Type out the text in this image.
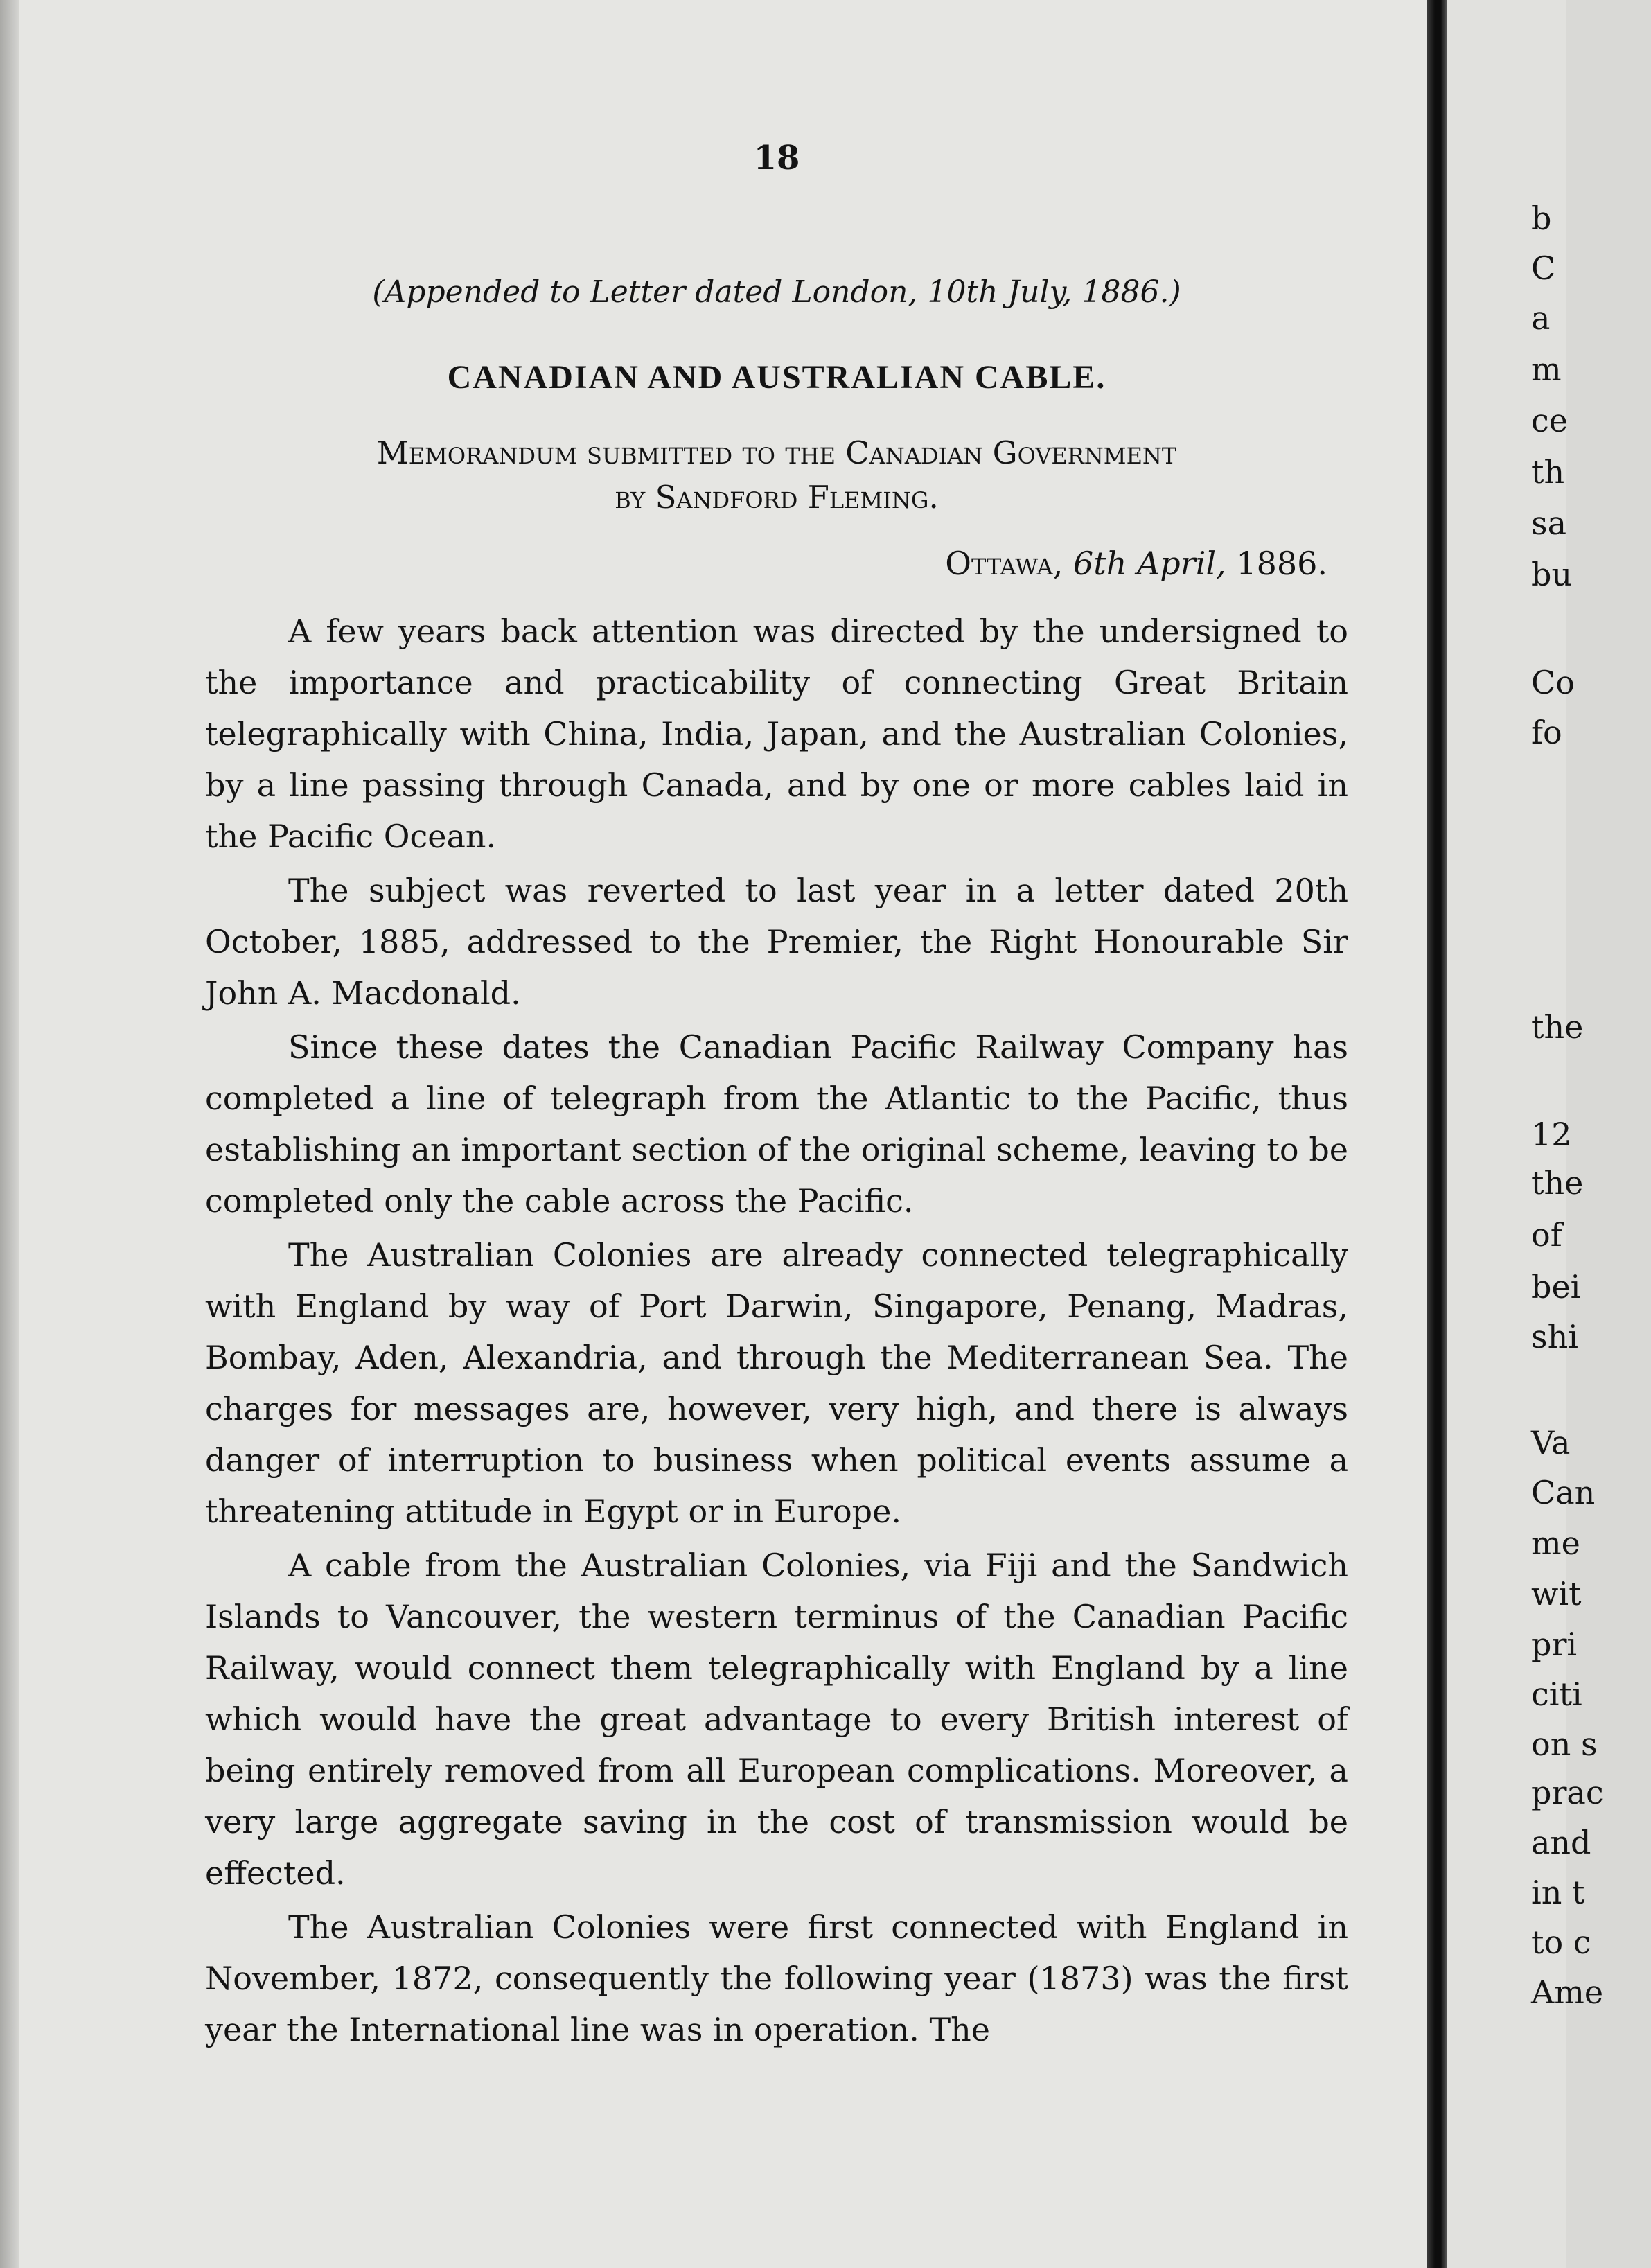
18
(Appended to Letter dated London, 10th July, 1886.)
CANADIAN AND AUSTRALIAN CABLE.
Memorandum submitted to the Canadian Government
by Sandford Fleming.
Ottawa, 6th April, 1886.

A few years back attention was directed by the undersigned to the importance and practicability of connecting Great Britain telegraphically with China, India, Japan, and the Australian Colonies, by a line passing through Canada, and by one or more cables laid in the Pacific Ocean.

The subject was reverted to last year in a letter dated 20th October, 1885, addressed to the Premier, the Right Honourable Sir John A. Macdonald.

Since these dates the Canadian Pacific Railway Company has completed a line of telegraph from the Atlantic to the Pacific, thus establishing an important section of the original scheme, leaving to be completed only the cable across the Pacific.

The Australian Colonies are already connected telegraphically with England by way of Port Darwin, Singapore, Penang, Madras, Bombay, Aden, Alexandria, and through the Mediterranean Sea. The charges for messages are, however, very high, and there is always danger of interruption to business when political events assume a threatening attitude in Egypt or in Europe.

A cable from the Australian Colonies, via Fiji and the Sandwich Islands to Vancouver, the western terminus of the Canadian Pacific Railway, would connect them telegraphically with England by a line which would have the great advantage to every British interest of being entirely removed from all European complications. Moreover, a very large aggregate saving in the cost of transmission would be effected.

The Australian Colonies were first connected with England in November, 1872, consequently the following year (1873) was the first year the International line was in operation. The

b
C
a
m
ce
th
sa
bu
Co
fo
the
12
the
of
bei
shi
Va
Can
me
wit
pri
citi
on s
prac
and
in t
to c
Ame
